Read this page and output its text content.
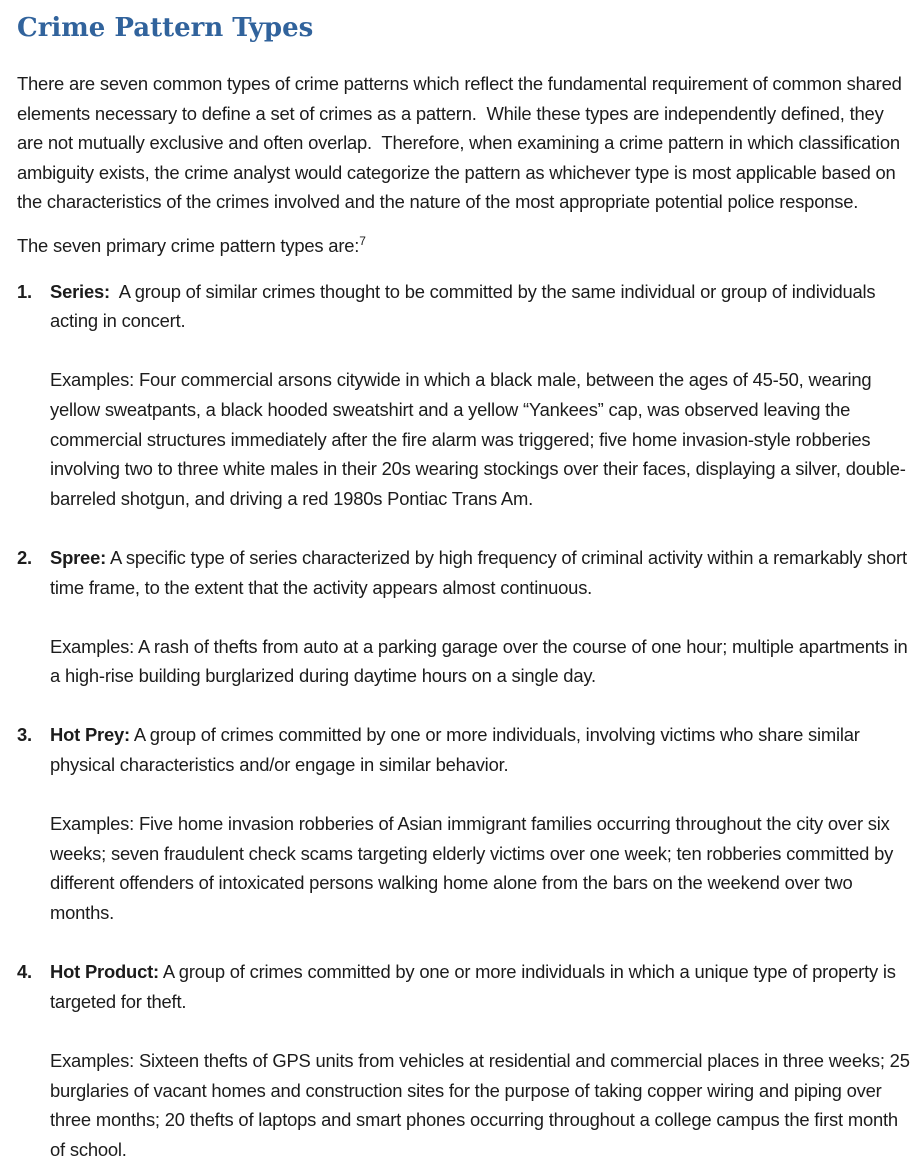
Crime Pattern Types

There are seven common types of crime patterns which reflect the fundamental requirement of common shared elements necessary to define a set of crimes as a pattern.  While these types are independently defined, they are not mutually exclusive and often overlap.  Therefore, when examining a crime pattern in which classification ambiguity exists, the crime analyst would categorize the pattern as whichever type is most applicable based on the characteristics of the crimes involved and the nature of the most appropriate potential police response.

The seven primary crime pattern types are:$^7$

1. Series:  A group of similar crimes thought to be committed by the same individual or group of individuals acting in concert.

Examples: Four commercial arsons citywide in which a black male, between the ages of 45-50, wearing yellow sweatpants, a black hooded sweatshirt and a yellow “Yankees” cap, was observed leaving the commercial structures immediately after the fire alarm was triggered; five home invasion-style robberies involving two to three white males in their 20s wearing stockings over their faces, displaying a silver, double-barreled shotgun, and driving a red 1980s Pontiac Trans Am.

2. Spree: A specific type of series characterized by high frequency of criminal activity within a remarkably short time frame, to the extent that the activity appears almost continuous.

Examples: A rash of thefts from auto at a parking garage over the course of one hour; multiple apartments in a high-rise building burglarized during daytime hours on a single day.

3. Hot Prey: A group of crimes committed by one or more individuals, involving victims who share similar physical characteristics and/or engage in similar behavior.

Examples: Five home invasion robberies of Asian immigrant families occurring throughout the city over six weeks; seven fraudulent check scams targeting elderly victims over one week; ten robberies committed by different offenders of intoxicated persons walking home alone from the bars on the weekend over two months.

4. Hot Product: A group of crimes committed by one or more individuals in which a unique type of property is targeted for theft.

Examples: Sixteen thefts of GPS units from vehicles at residential and commercial places in three weeks; 25 burglaries of vacant homes and construction sites for the purpose of taking copper wiring and piping over three months; 20 thefts of laptops and smart phones occurring throughout a college campus the first month of school.
